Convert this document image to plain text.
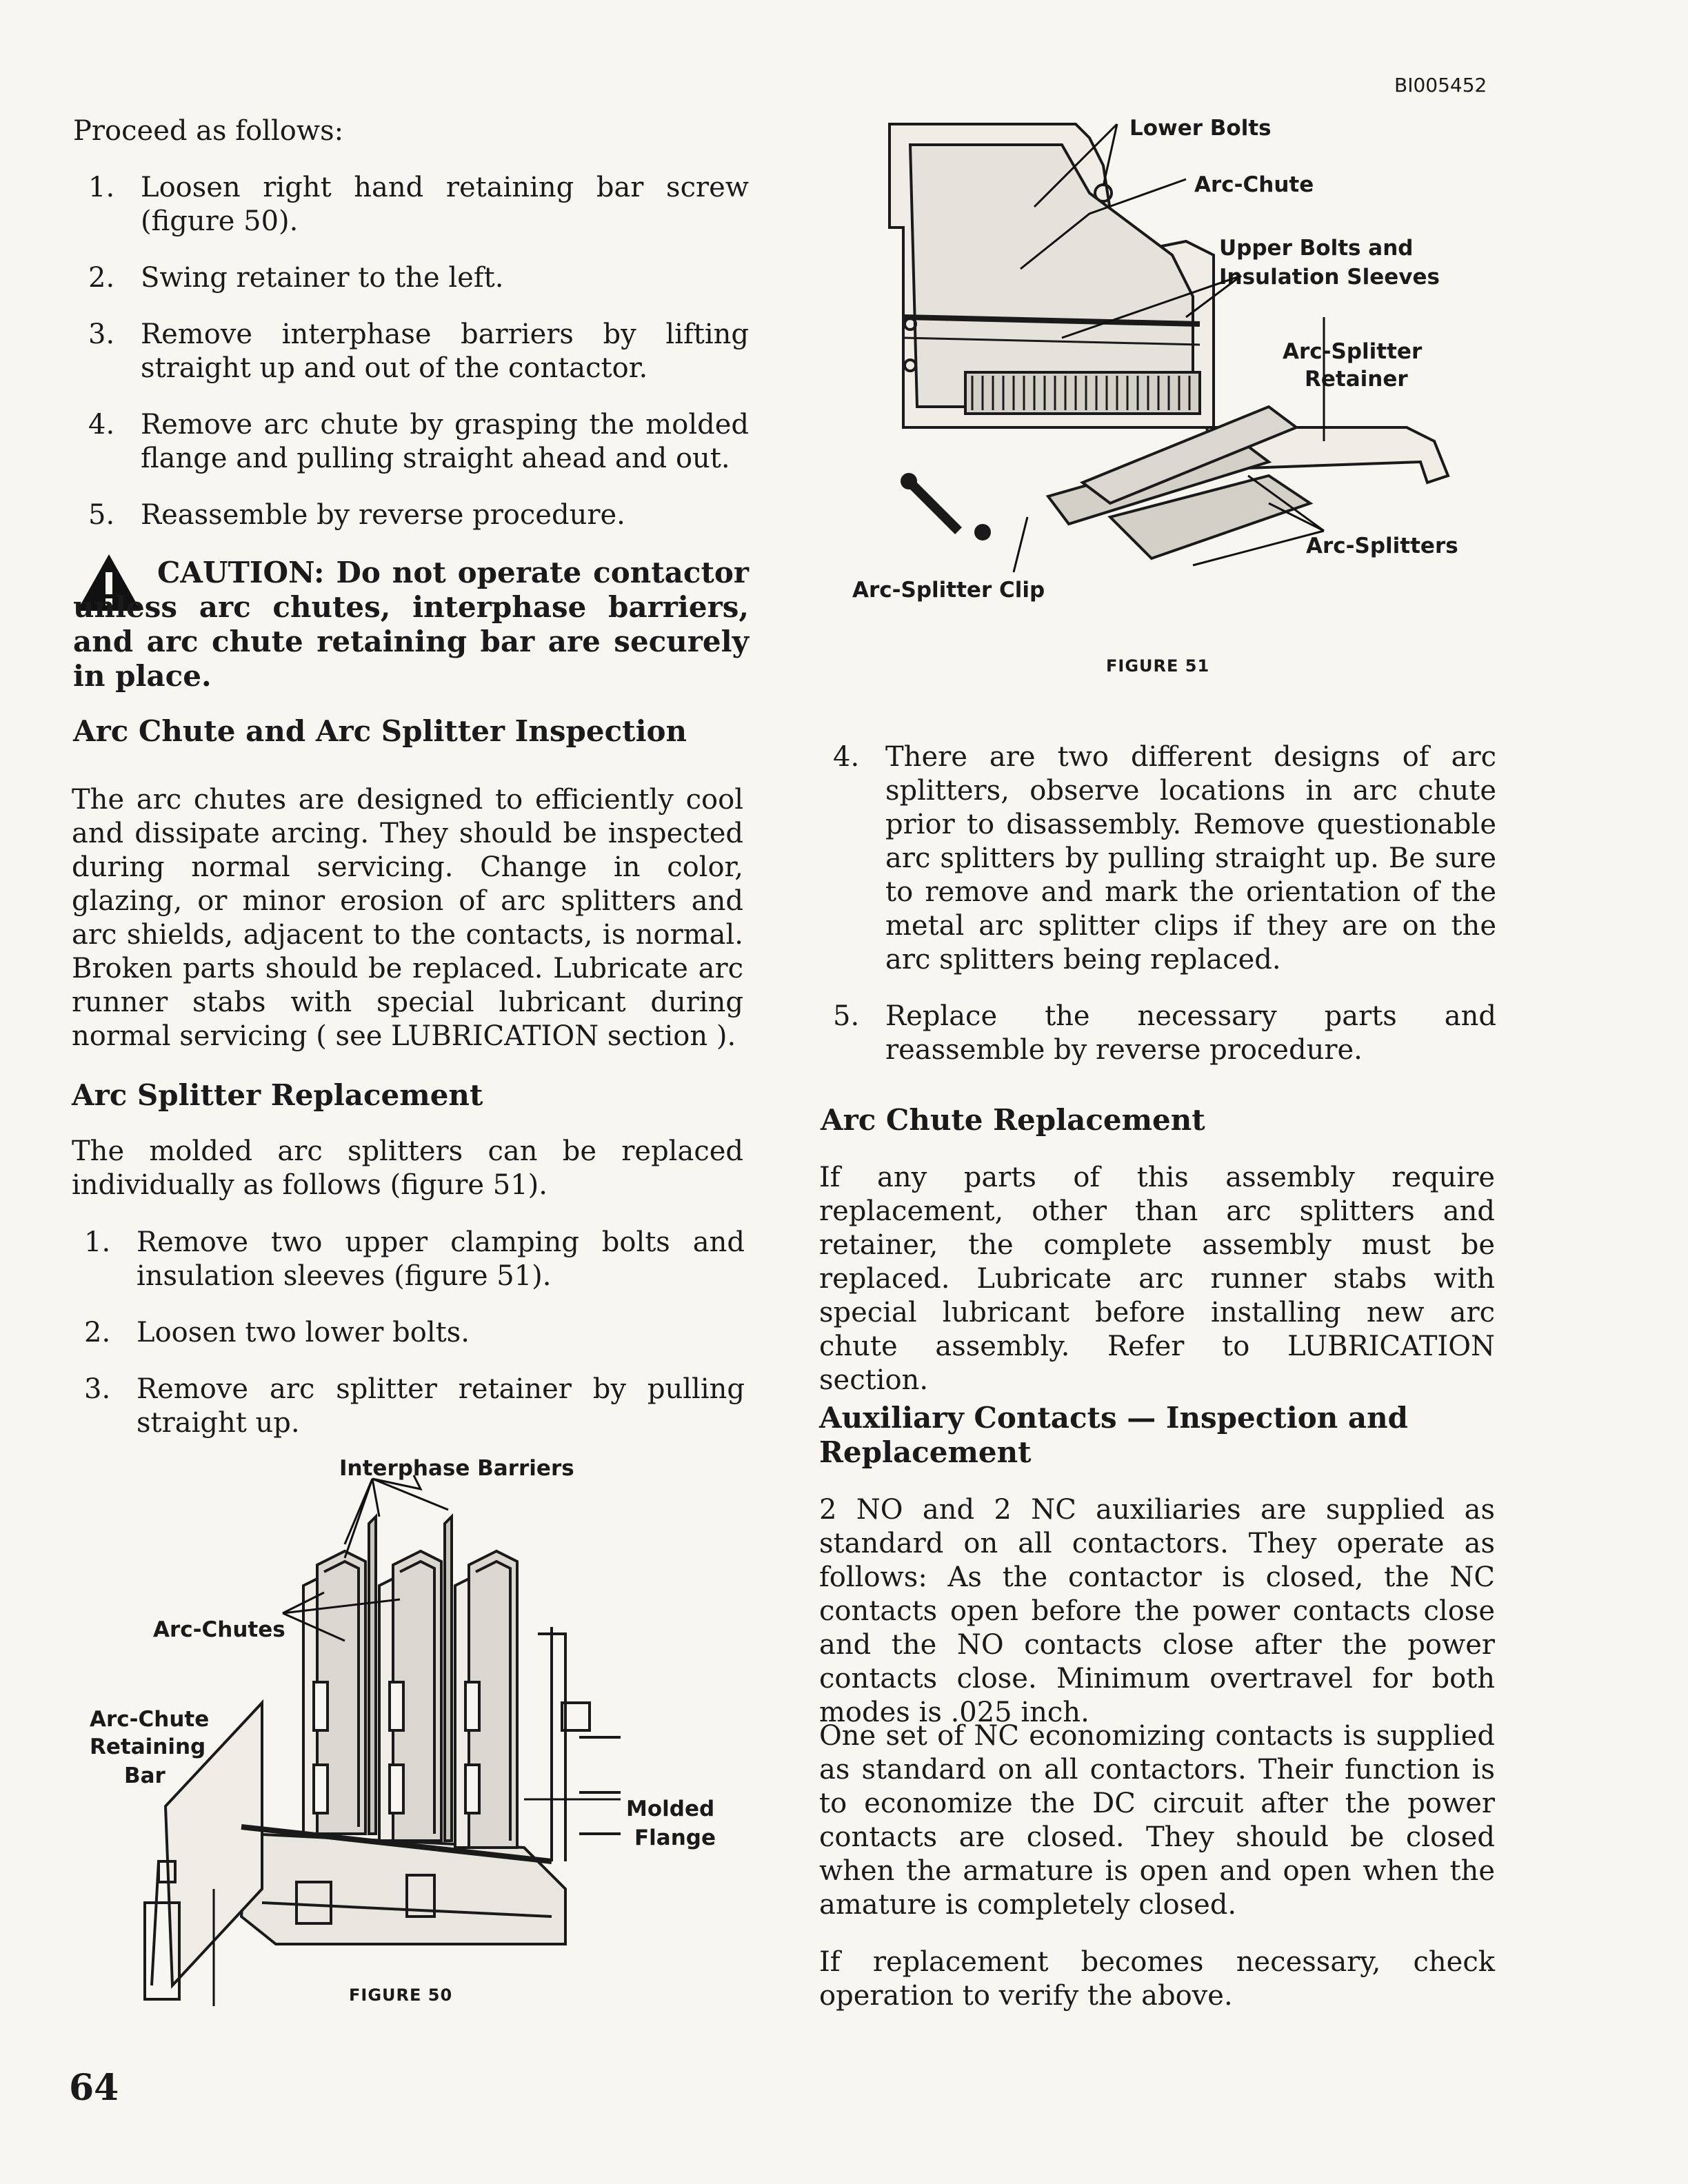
BI005452
Proceed as follows:
1. Loosen right hand retaining bar screw (figure 50).
2. Swing retainer to the left.
3. Remove interphase barriers by lifting straight up and out of the contactor.
4. Remove arc chute by grasping the molded flange and pulling straight ahead and out.
5. Reassemble by reverse procedure.
CAUTION: Do not operate contactor unless arc chutes, interphase barriers, and arc chute retaining bar are securely in place.
Arc Chute and Arc Splitter Inspection
The arc chutes are designed to efficiently cool and dissipate arcing. They should be inspected during normal servicing. Change in color, glazing, or minor erosion of arc splitters and arc shields, adjacent to the contacts, is normal. Broken parts should be replaced. Lubricate arc runner stabs with special lubricant during normal servicing ( see LUBRICATION section ).
Arc Splitter Replacement
The molded arc splitters can be replaced individually as follows (figure 51).
1. Remove two upper clamping bolts and insulation sleeves (figure 51).
2. Loosen two lower bolts.
3. Remove arc splitter retainer by pulling straight up.
Interphase Barriers
Arc-Chutes
Arc-Chute
Retaining
Bar
Molded
Flange
FIGURE 50
Lower Bolts
Arc-Chute
Upper Bolts and
Insulation Sleeves
Arc-Splitter
Retainer
Arc-Splitters
Arc-Splitter Clip
FIGURE 51
4. There are two different designs of arc splitters, observe locations in arc chute prior to disassembly. Remove questionable arc splitters by pulling straight up. Be sure to remove and mark the orientation of the metal arc splitter clips if they are on the arc splitters being replaced.
5. Replace the necessary parts and reassemble by reverse procedure.
Arc Chute Replacement
If any parts of this assembly require replacement, other than arc splitters and retainer, the complete assembly must be replaced. Lubricate arc runner stabs with special lubricant before installing new arc chute assembly. Refer to LUBRICATION section.
Auxiliary Contacts — Inspection and Replacement
2 NO and 2 NC auxiliaries are supplied as standard on all contactors. They operate as follows: As the contactor is closed, the NC contacts open before the power contacts close and the NO contacts close after the power contacts close. Minimum overtravel for both modes is .025 inch.
One set of NC economizing contacts is supplied as standard on all contactors. Their function is to economize the DC circuit after the power contacts are closed. They should be closed when the armature is open and open when the amature is completely closed.
If replacement becomes necessary, check operation to verify the above.
64
